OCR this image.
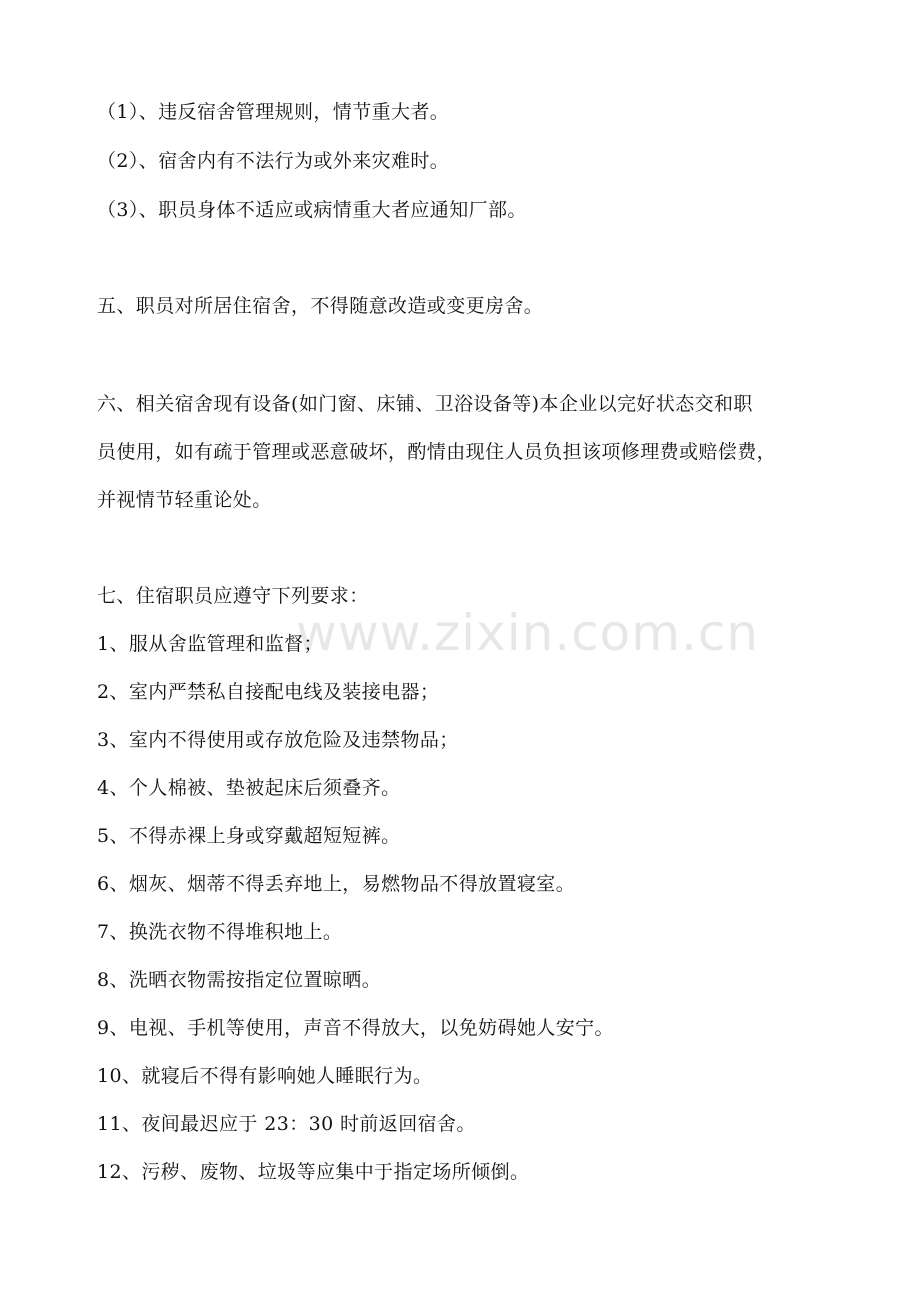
（1）、违反宿舍管理规则，情节重大者。
（2）、宿舍内有不法行为或外来灾难时。
（3）、职员身体不适应或病情重大者应通知厂部。
五、职员对所居住宿舍，不得随意改造或变更房舍。
六、相关宿舍现有设备(如门窗、床铺、卫浴设备等)本企业以完好状态交和职
员使用，如有疏于管理或恶意破坏，酌情由现住人员负担该项修理费或赔偿费，
并视情节轻重论处。
七、住宿职员应遵守下列要求：
1、服从舍监管理和监督；
2、室内严禁私自接配电线及装接电器；
3、室内不得使用或存放危险及违禁物品；
4、个人棉被、垫被起床后须叠齐。
5、不得赤裸上身或穿戴超短短裤。
6、烟灰、烟蒂不得丢弃地上，易燃物品不得放置寝室。
7、换洗衣物不得堆积地上。
8、洗晒衣物需按指定位置晾晒。
9、电视、手机等使用，声音不得放大，以免妨碍她人安宁。
10、就寝后不得有影响她人睡眠行为。
11、夜间最迟应于 23：30 时前返回宿舍。
12、污秽、废物、垃圾等应集中于指定场所倾倒。
www.zixin.com.cn
